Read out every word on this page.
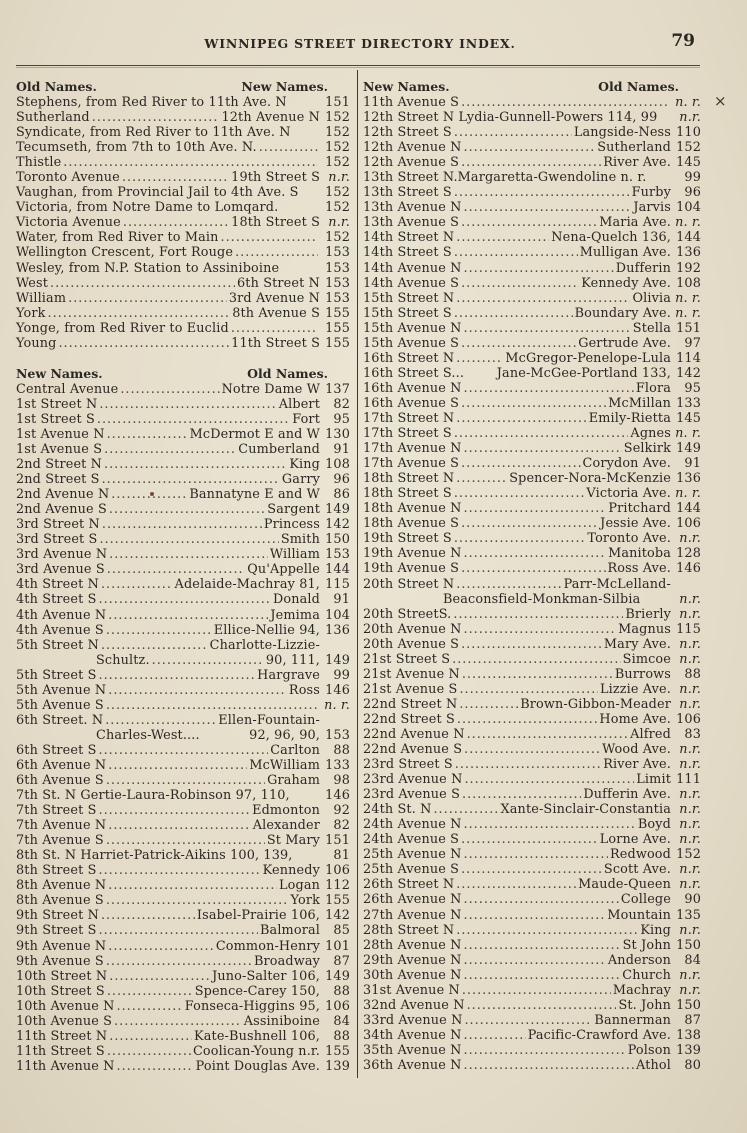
WINNIPEG STREET DIRECTORY INDEX.	79
×
Old Names.	New Names.
Stephens, from Red River to 11th Ave. N	151
Sutherland .....	12th Avenue N 152
Syndicate, from Red River to 11th Ave. N	152
Tecumseth, from 7th to 10th Ave. N. .....	152
Thistle .....	152
Toronto Avenue .....	19th Street S n.r.
Vaughan, from Provincial Jail to 4th Ave. S	152
Victoria, from Notre Dame to Lomqard.	152
Victoria Avenue .....	18th Street S n.r.
Water, from Red River to Main .....	152
Wellington Crescent, Fort Rouge .....	153
Wesley, from N.P. Station to Assiniboine	153
West .....	6th Street N 153
William .....	3rd Avenue N 153
York .....	8th Avenue S 155
Yonge, from Red River to Euclid .....	155
Young .....	11th Street S 155
New Names.	Old Names.
Central Avenue .....	Notre Dame W 137
1st Street N .....	Albert	82
1st Street S .....	Fort	95
1st Avenue N .....	McDermot E and W 130
1st Avenue S .....	Cumberland	91
2nd Street N .....	King 108
2nd Street S .....	Garry	96
2nd Avenue N .....	Bannatyne E and W	86
2nd Avenue S .....	Sargent 149
3rd Street N .....	Princess 142
3rd Street S .....	Smith 150
3rd Avenue N .....	William 153
3rd Avenue S .....	Qu'Appelle 144
4th Street N .....	Adelaide-Machray 81, 115
4th Street S .....	Donald	91
4th Avenue N .....	Jemima 104
4th Avenue S .....	Ellice-Nellie 94, 136
5th Street N .....	Charlotte-Lizzie-
Schultz. .....	90, 111, 149
5th Street S .....	Hargrave	99
5th Avenue N .....	Ross 146
5th Avenue S .....	n. r.
6th Street. N .....	Ellen-Fountain-
Charles-West....	92, 96, 90, 153
6th Street S .....	Carlton	88
6th Avenue N .....	McWilliam 133
6th Avenue S .....	Graham	98
7th St. N Gertie-Laura-Robinson 97, 110,	146
7th Street S .....	Edmonton	92
7th Avenue N .....	Alexander	82
7th Avenue S .....	St Mary 151
8th St. N Harriet-Patrick-Aikins 100, 139,	81
8th Street S .....	Kennedy 106
8th Avenue N .....	Logan 112
8th Avenue S .....	York 155
9th Street N .....	Isabel-Prairie 106, 142
9th Street S .....	Balmoral	85
9th Avenue N .....	Common-Henry 101
9th Avenue S .....	Broadway	87
10th Street N .....	Juno-Salter 106, 149
10th Street S .....	Spence-Carey 150,	88
10th Avenue N .....	Fonseca-Higgins 95, 106
10th Avenue S .....	Assiniboine	84
11th Street N .....	Kate-Bushnell 106,	88
11th Street S .....	Coolican-Young n.r. 155
11th Avenue N .....	Point Douglas Ave. 139
New Names.	Old Names.
11th Avenue S .....	n. r.
12th Street N Lydia-Gunnell-Powers 114, 99	n.r.
12th Street S .....	Langside-Ness 110
12th Avenue N .....	Sutherland 152
12th Avenue S .....	River Ave. 145
13th Street N.Margaretta-Gwendoline n. r.	99
13th Street S .....	Furby	96
13th Avenue N .....	Jarvis 104
13th Avenue S .....	Maria Ave. n. r.
14th Street N .....	Nena-Quelch 136, 144
14th Street S .....	Mulligan Ave. 136
14th Avenue N .....	Dufferin 192
14th Avenue S .....	Kennedy Ave. 108
15th Street N .....	Olivia n. r.
15th Street S .....	Boundary Ave. n. r.
15th Avenue N .....	Stella 151
15th Avenue S .....	Gertrude Ave.	97
16th Street N .....	McGregor-Penelope-Lula 114
16th Street S...	Jane-McGee-Portland 133, 142
16th Avenue N .....	Flora	95
16th Avenue S .....	McMillan 133
17th Street N .....	Emily-Rietta 145
17th Street S .....	Agnes n. r.
17th Avenue N .....	Selkirk 149
17th Avenue S .....	Corydon Ave.	91
18th Street N .....	Spencer-Nora-McKenzie 136
18th Street S .....	Victoria Ave. n. r.
18th Avenue N .....	Pritchard 144
18th Avenue S .....	Jessie Ave. 106
19th Street S .....	Toronto Ave. n.r.
19th Avenue N .....	Manitoba 128
19th Avenue S .....	Ross Ave. 146
20th Street N .....	Parr-McLelland-
Beaconsfield-Monkman-Silbia	n.r.
20th StreetS. .....	Brierly n.r.
20th Avenue N .....	Magnus 115
20th Avenue S .....	Mary Ave. n.r.
21st Street S .....	Simcoe n.r.
21st Avenue N .....	Burrows	88
21st Avenue S .....	Lizzie Ave. n.r.
22nd Street N .....	Brown-Gibbon-Meader n.r.
22nd Street S .....	Home Ave. 106
22nd Avenue N .....	Alfred	83
22nd Avenue S .....	Wood Ave. n.r.
23rd Street S .....	River Ave. n.r.
23rd Avenue N .....	Limit 111
23rd Avenue S .....	Dufferin Ave. n.r.
24th St. N .....	Xante-Sinclair-Constantia n.r.
24th Avenue N .....	Boyd n.r.
24th Avenue S .....	Lorne Ave. n.r.
25th Avenue N .....	Redwood 152
25th Avenue S .....	Scott Ave. n.r.
26th Street N .....	Maude-Queen n.r.
26th Avenue N .....	College	90
27th Avenue N .....	Mountain 135
28th Street N .....	King n.r.
28th Avenue N .....	St John 150
29th Avenue N .....	Anderson	84
30th Avenue N .....	Church n.r.
31st Avenue N .....	Machray n.r.
32nd Avenue N .....	St. John 150
33rd Avenue N .....	Bannerman	87
34th Avenue N .....	Pacific-Crawford Ave. 138
35th Avenue N .....	Polson 139
36th Avenue N .....	Athol	80
